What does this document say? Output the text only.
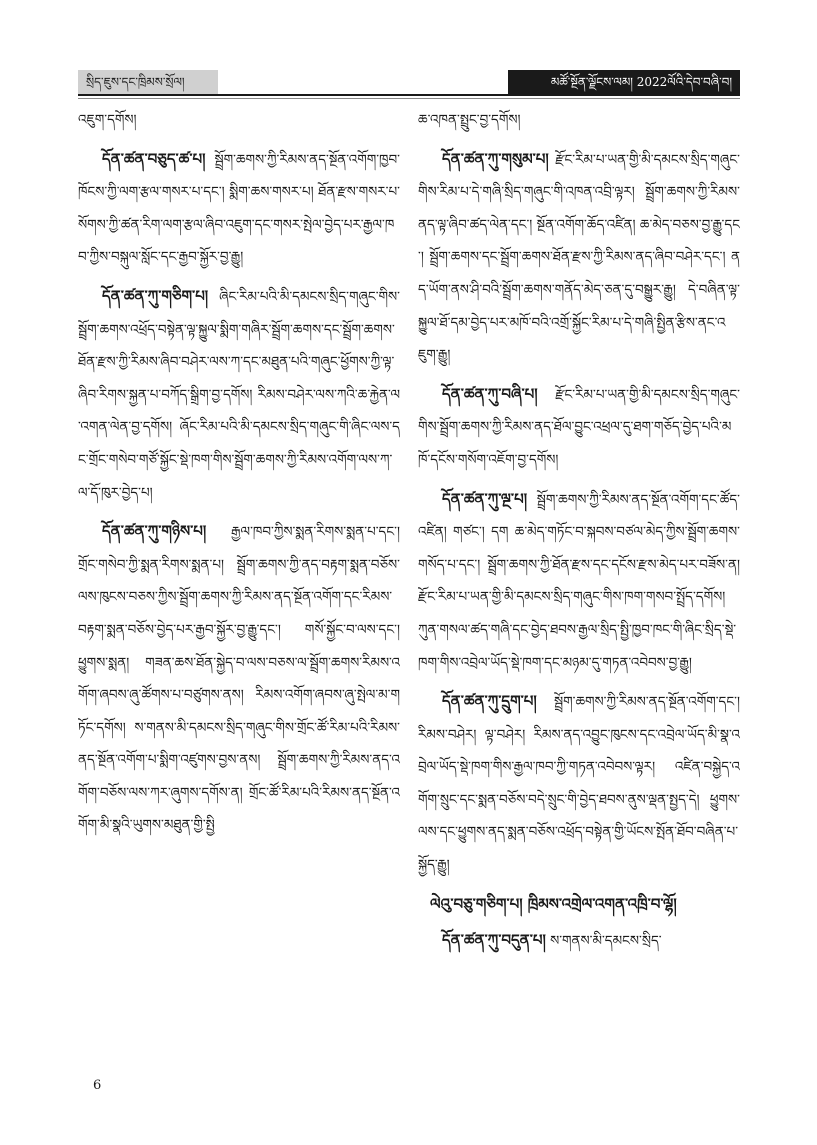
སྲིད་ཇུས་དང་ཁྲིམས་སྲོལ།	མཚོ་སྔོན་ལྗོངས་ལམ། 2022ལོའི་དེབ་བཞི་བ།

འཇུག་དགོས།

དོན་ཚན་བཅུད་ཚ་པ། སྦྲོག་ཆགས་ཀྱི་རིམས་ནད་སྔོན་འགོག་ཁྱབ་ཁོངས་ཀྱི་ལག་རྩལ་གསར་པ་དང་། སྨིག་ཆས་གསར་པ། ཐོན་རྫས་གསར་པ་སོགས་ཀྱི་ཚན་རིག་ལག་རྩལ་ཞིབ་འཇུག་དང་གསར་སྤེལ་བྱེད་པར་རྒྱལ་ཁབ་ཀྱིས་བསྐུལ་སློང་དང་རྒྱབ་སྐྱོར་བྱ་རྒྱུ།

དོན་ཚན་ཀུ་གཅིག་པ། ཞིང་རིམ་པའི་མི་དམངས་སྲིད་གཞུང་གིས་སྦྲོག་ཆགས་འཕྲོད་བསྟེན་ལྟ་སྐྱུལ་སྨིག་གཞིར་སྦྲོག་ཆགས་དང་སྦྲོག་ཆགས་ཐོན་རྫས་ཀྱི་རིམས་ཞིབ་བཤེར་ལས་ཀ་དང་མཐུན་པའི་གཞུང་ཕྱོགས་ཀྱི་ལྟ་ཞིབ་རིགས་སྐྱན་པ་བཀོད་སྒྲིག་བྱ་དགོས། རིམས་བཤེར་ལས་ཀའི་ཆ་རྐྱེན་ལ་འགན་ལེན་བྱ་དགོས། ཞོང་རིམ་པའི་མི་དམངས་སྲིད་གཞུང་གི་ཞིང་ལས་དང་གྲོང་གསེབ་གཙོ་སྐྱོང་སྡེ་ཁག་གིས་སྦྲོག་ཆགས་ཀྱི་རིམས་འགོག་ལས་ཀ་ལ་དོ་ཁུར་བྱེད་པ།

དོན་ཚན་ཀུ་གཉིས་པ། རྒྱལ་ཁབ་ཀྱིས་སྨན་རིགས་སྨན་པ་དང་། གྲོང་གསེབ་ཀྱི་སྨན་རིགས་སྨན་པ། སྦྲོག་ཆགས་ཀྱི་ནད་བརྟག་སྨན་བཅོས་ལས་ཁུངས་བཅས་ཀྱིས་སྦྲོག་ཆགས་ཀྱི་རིམས་ནད་སྔོན་འགོག་དང་རིམས་བརྟག་སྨན་བཅོས་བྱེད་པར་རྒྱབ་སྐྱོར་བྱ་རྒྱུ་དང་། གསོ་སྐྱོང་བ་ལས་དང་། ཕྱུགས་སྨན། གཟན་ཆས་ཐོན་སྐྱེད་བ་ལས་བཅས་ལ་སྦྲོག་ཆགས་རིམས་འགོག་ཞབས་ཞུ་ཚོགས་པ་བཙུགས་ནས། རིམས་འགོག་ཞབས་ཞུ་སྤེལ་མ་གཏོང་དགོས། ས་གནས་མི་དམངས་སྲིད་གཞུང་གིས་གྲོང་ཚོ་རིམ་པའི་རིམས་ནད་སྔོན་འགོག་པ་སྨིག་འཛུགས་བྱས་ནས། སྦྲོག་ཆགས་ཀྱི་རིམས་ནད་འགོག་བཅོས་ལས་ཀར་ཞུགས་དགོས་ན། གྲོང་ཚོ་རིམ་པའི་རིམས་ནད་སྔོན་འགོག་མི་སྣའི་ཡུགས་མཐུན་གྱི་སྤྱི

ཆ་འཁན་སྤྲུང་བྱ་དགོས།

དོན་ཚན་ཀུ་གསུམ་པ། རྫོང་རིམ་པ་ཡན་གྱི་མི་དམངས་སྲིད་གཞུང་གིས་རིམ་པ་དེ་གཞི་སྲིད་གཞུང་གི་འཁན་འབྲི་ལྟར། སྦྲོག་ཆགས་ཀྱི་རིམས་ནད་ལྟ་ཞིབ་ཚད་ལེན་དང་། སྔོན་འགོག་ཆོད་འཛིན། ཆ་མེད་བཅས་བྱ་རྒྱུ་དང་། སྦྲོག་ཆགས་དང་སྦྲོག་ཆགས་ཐོན་རྫས་ཀྱི་རིམས་ནད་ཞིབ་བཤེར་དང་། ནད་ཡོག་ནས་ཤི་བའི་སྦྲོག་ཆགས་གནོད་མེད་ཅན་དུ་བསྒྱུར་རྒྱུ། དེ་བཞིན་ལྟ་སྐྱུལ་ཐོ་དམ་བྱེད་པར་མཁོ་བའི་འགྲོ་སྐྱོང་རིམ་པ་དེ་གཞི་སྤྱིན་རྩིས་ནང་འཇུག་རྒྱུ།

དོན་ཚན་ཀུ་བཞི་པ། རྫོང་རིམ་པ་ཡན་གྱི་མི་དམངས་སྲིད་གཞུང་གིས་སྦྲོག་ཆགས་ཀྱི་རིམས་ནད་ཐོལ་བྱུང་འཕྲལ་དུ་ཐག་གཅོད་བྱེད་པའི་མཁོ་དངོས་གསོག་འཇོག་བྱ་དགོས།

དོན་ཚན་ཀུ་ལྔ་པ། སྦྲོག་ཆགས་ཀྱི་རིམས་ནད་སྔོན་འགོག་དང་ཚོད་འཛིན། གཙང་། དག ཆ་མེད་གཏོང་བ་སྐབས་བཙལ་མེད་ཀྱིས་སྦྲོག་ཆགས་གསོད་པ་དང་། སྦྲོག་ཆགས་ཀྱི་ཐོན་རྫས་དང་དངོས་རྫས་མེད་པར་བཟོས་ན། རྫོང་རིམ་པ་ཡན་གྱི་མི་དམངས་སྲིད་གཞུང་གིས་ཁག་གསབ་སྤྲོད་དགོས། ཀུན་གསལ་ཚད་གཞི་དང་བྱེད་ཐབས་རྒྱལ་སྲིད་སྤྱི་ཁྱབ་ཁང་གི་ཞིང་སྲིད་སྡེ་ཁག་གིས་འབྲེལ་ཡོད་སྡེ་ཁག་དང་མཉམ་དུ་གཏན་འབེབས་བྱ་རྒྱུ།

དོན་ཚན་ཀུ་དྲུག་པ། སྦྲོག་ཆགས་ཀྱི་རིམས་ནད་སྔོན་འགོག་དང་། རིམས་བཤེར། ལྟ་བཤེར། རིམས་ནད་འབྱུང་ཁུངས་དང་འབྲེལ་ཡོད་མི་སྣ་འབྲེལ་ཡོད་སྡེ་ཁག་གིས་རྒྱལ་ཁབ་ཀྱི་གཏན་འབེབས་ལྟར། འཛིན་བསྐྱེད་འགོག་སྲུང་དང་སྨན་བཅོས་བདེ་སྲུང་གི་བྱེད་ཐབས་ནུས་ལྡན་སྤྱད་དེ། ཕྱུགས་ལས་དང་ཕྱུགས་ནད་སྨན་བཅོས་འཕྲོད་བསྟེན་གྱི་ཡོངས་སྤོན་ཐོབ་བཞིན་པ་སྐྱོད་རྒྱུ།

ལེའུ་བཅུ་གཅིག་པ། ཁྲིམས་འགྲེལ་འགན་འཁྲི་བ་ལྷོ།

དོན་ཚན་ཀུ་བདུན་པ། ས་གནས་མི་དམངས་སྲིད་

6
